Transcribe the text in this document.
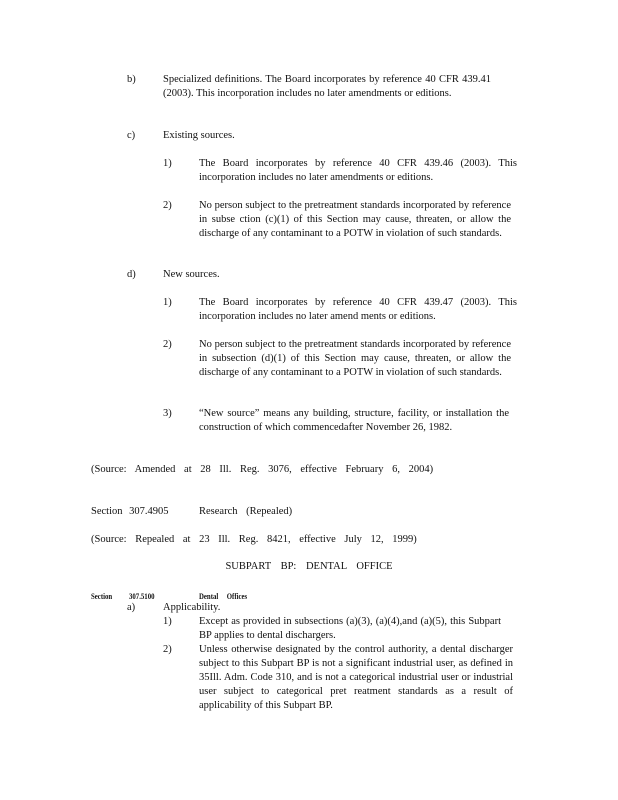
b)	Specialized definitions. The Board incorporates by reference 40 CFR 439.41 (2003). This incorporation includes no later amendments or editions.
c)	Existing sources.
1)	The Board incorporates by reference 40 CFR 439.46 (2003). This incorporation includes no later amendments or editions.
2)	No person subject to the pretreatment standards incorporated by reference in subse ction (c)(1) of this Section may cause, threaten, or allow the discharge of any contaminant to a POTW in violation of such standards.
d)	New sources.
1)	The Board incorporates by reference 40 CFR 439.47 (2003). This incorporation includes no later amend ments or editions.
2)	No person subject to the pretreatment standards incorporated by reference in subsection (d)(1) of this Section may cause, threaten, or allow the discharge of any contaminant to a POTW in violation of such standards.
3)	“New source” means any building, structure, facility, or installation the construction of which commencedafter November 26, 1982.
(Source: Amended at 28 Ill. Reg. 3076, effective February 6, 2004)
Section 307.4905	Research (Repealed)
(Source: Repealed at 23 Ill. Reg. 8421, effective July 12, 1999)
SUBPART BP: DENTAL OFFICE
Section 307.5100	Dental Offices
a)	Applicability.
1)	Except as provided in subsections (a)(3), (a)(4),and (a)(5), this Subpart BP applies to dental dischargers.
2)	Unless otherwise designated by the control authority, a dental discharger subject to this Subpart BP is not a significant industrial user, as defined in 35Ill. Adm. Code 310, and is not a categorical industrial user or industrial user subject to categorical pret reatment standards as a result of applicability of this Subpart BP.
